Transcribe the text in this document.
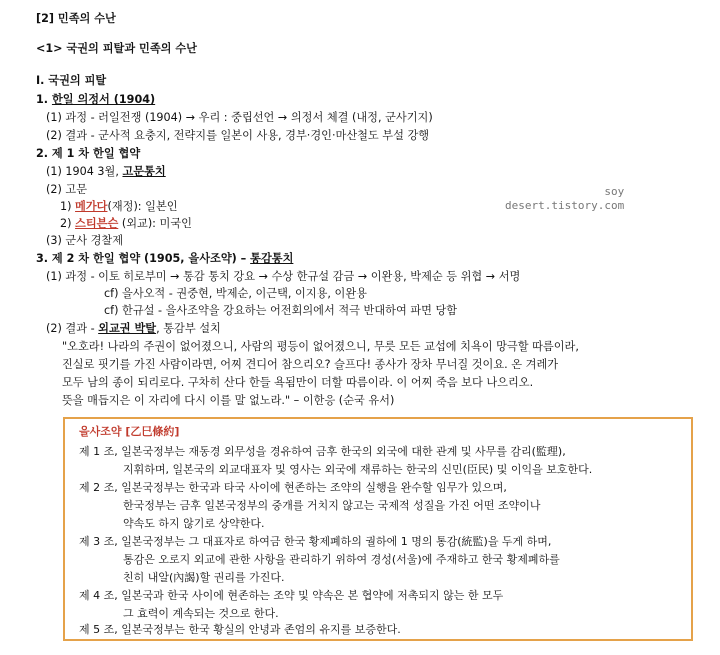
[2] 민족의 수난
<1> 국권의 피탈과 민족의 수난
Ⅰ. 국권의 피탈
1. 한일 의정서 (1904)
(1) 과정 - 러일전쟁 (1904) → 우리 : 중립선언 → 의정서 체결 (내정, 군사기지)
(2) 결과 - 군사적 요충지, 전략지를 일본이 사용, 경부·경인·마산철도 부설 강행
2. 제 1 차 한일 협약
(1) 1904 3월, 고문통치
(2) 고문
1) 메가다(재정): 일본인
2) 스티븐슨 (외교): 미국인
(3) 군사 경찰제
3. 제 2 차 한일 협약 (1905, 을사조약) – 통감통치
(1) 과정 - 이토 히로부미 → 통감 통치 강요 → 수상 한규설 감금 → 이완용, 박제순 등 위협 → 서명
cf) 을사오적 - 권중현, 박제순, 이근택, 이지용, 이완용
cf) 한규설 - 을사조약을 강요하는 어전회의에서 적극 반대하여 파면 당함
(2) 결과 - 외교권 박탈, 통감부 설치
"오호라! 나라의 주권이 없어졌으니, 사람의 평등이 없어졌으니, 무릇 모든 교섭에 치욕이 망극할 따름이라,
진실로 핏기를 가진 사람이라면, 어찌 견디어 참으리오? 슬프다! 종사가 장차 무너질 것이요. 온 겨레가
모두 남의 종이 되리로다. 구차히 산다 한들 욕됨만이 더할 따름이라. 이 어찌 죽음 보다 나으리오.
뜻을 매듭지은 이 자리에 다시 이를 말 없노라." – 이한응 (순국 유서)
soy
desert.tistory.com
을사조약 [乙巳條約]
제 1 조, 일본국정부는 재동경 외무성을 경유하여 금후 한국의 외국에 대한 관계 및 사무를 감리(監理),
지휘하며, 일본국의 외교대표자 및 영사는 외국에 재류하는 한국의 신민(臣民) 및 이익을 보호한다.
제 2 조, 일본국정부는 한국과 타국 사이에 현존하는 조약의 실행을 완수할 임무가 있으며,
한국정부는 금후 일본국정부의 중개를 거치지 않고는 국제적 성질을 가진 어떤 조약이나
약속도 하지 않기로 상약한다.
제 3 조, 일본국정부는 그 대표자로 하여금 한국 황제폐하의 궐하에 1 명의 통감(統監)을 두게 하며,
통감은 오로지 외교에 관한 사항을 관리하기 위하여 경성(서울)에 주재하고 한국 황제폐하를
친히 내알(內謁)할 권리를 가진다.
제 4 조, 일본국과 한국 사이에 현존하는 조약 및 약속은 본 협약에 저촉되지 않는 한 모두
그 효력이 계속되는 것으로 한다.
제 5 조, 일본국정부는 한국 황실의 안녕과 존엄의 유지를 보증한다.
